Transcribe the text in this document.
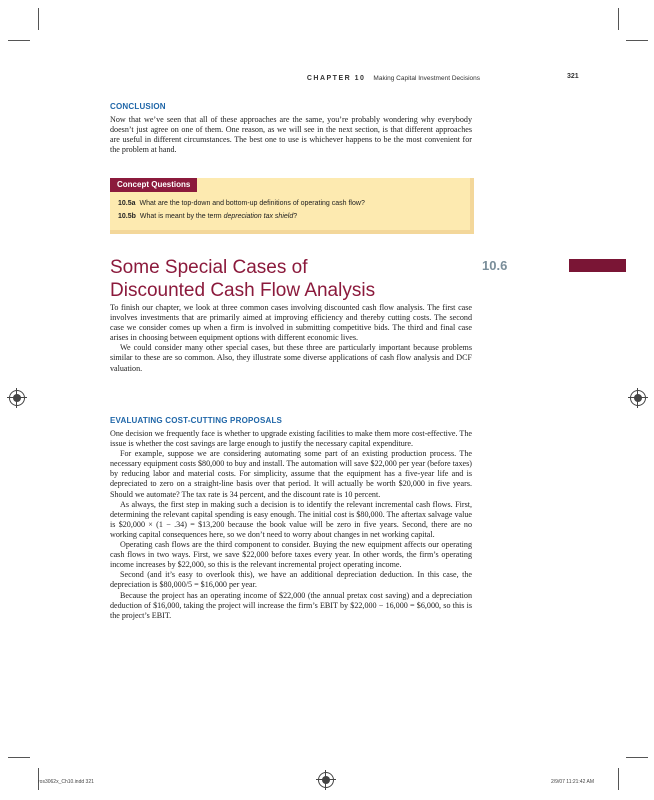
CHAPTER 10 Making Capital Investment Decisions	321
CONCLUSION

Now that we’ve seen that all of these approaches are the same, you’re probably wondering why everybody doesn’t just agree on one of them. One reason, as we will see in the next section, is that different approaches are useful in different circumstances. The best one to use is whichever happens to be the most convenient for the problem at hand.

Concept Questions
10.5a What are the top-down and bottom-up definitions of operating cash flow?
10.5b What is meant by the term depreciation tax shield?
Some Special Cases of
Discounted Cash Flow Analysis
10.6

To finish our chapter, we look at three common cases involving discounted cash flow analysis. The first case involves investments that are primarily aimed at improving efficiency and thereby cutting costs. The second case we consider comes up when a firm is involved in submitting competitive bids. The third and final case arises in choosing between equipment options with different economic lives.

We could consider many other special cases, but these three are particularly important because problems similar to these are so common. Also, they illustrate some diverse applications of cash flow analysis and DCF valuation.

EVALUATING COST-CUTTING PROPOSALS

One decision we frequently face is whether to upgrade existing facilities to make them more cost-effective. The issue is whether the cost savings are large enough to justify the necessary capital expenditure.

For example, suppose we are considering automating some part of an existing production process. The necessary equipment costs $80,000 to buy and install. The automation will save $22,000 per year (before taxes) by reducing labor and material costs. For simplicity, assume that the equipment has a five-year life and is depreciated to zero on a straight-line basis over that period. It will actually be worth $20,000 in five years. Should we automate? The tax rate is 34 percent, and the discount rate is 10 percent.

As always, the first step in making such a decision is to identify the relevant incremental cash flows. First, determining the relevant capital spending is easy enough. The initial cost is $80,000. The aftertax salvage value is $20,000 × (1 − .34) = $13,200 because the book value will be zero in five years. Second, there are no working capital consequences here, so we don’t need to worry about changes in net working capital.

Operating cash flows are the third component to consider. Buying the new equipment affects our operating cash flows in two ways. First, we save $22,000 before taxes every year. In other words, the firm’s operating income increases by $22,000, so this is the relevant incremental project operating income.

Second (and it’s easy to overlook this), we have an additional depreciation deduction. In this case, the depreciation is $80,000/5 = $16,000 per year.

Because the project has an operating income of $22,000 (the annual pretax cost saving) and a depreciation deduction of $16,000, taking the project will increase the firm’s EBIT by $22,000 − 16,000 = $6,000, so this is the project’s EBIT.

ros3062x_Ch10.indd 321	2/9/07 11:21:42 AM
